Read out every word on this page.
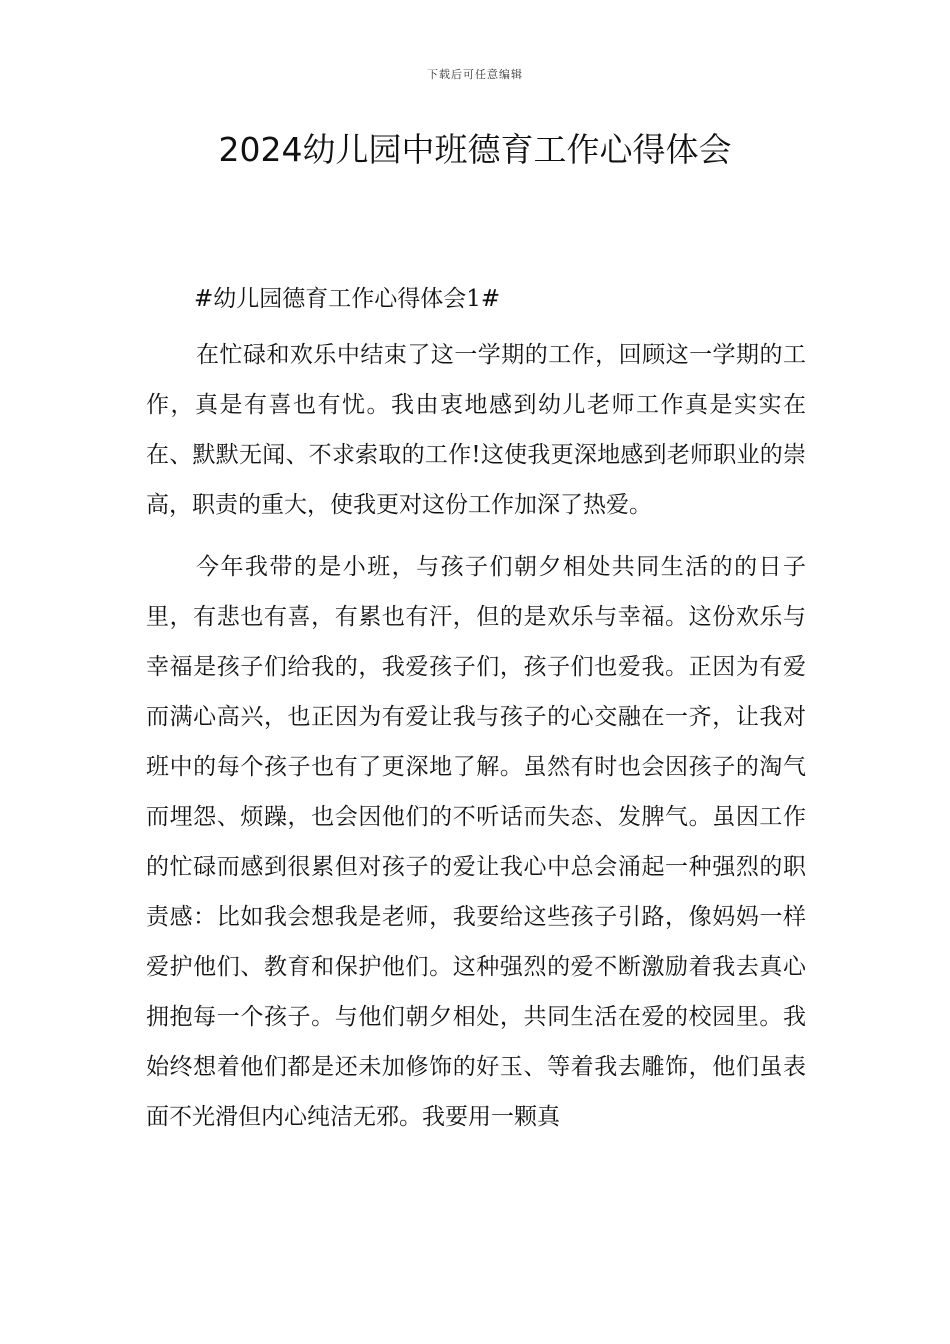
下载后可任意编辑
2024幼儿园中班德育工作心得体会

#幼儿园德育工作心得体会1#

在忙碌和欢乐中结束了这一学期的工作，回顾这一学期的工作，真是有喜也有忧。我由衷地感到幼儿老师工作真是实实在在、默默无闻、不求索取的工作!这使我更深地感到老师职业的崇高，职责的重大，使我更对这份工作加深了热爱。

今年我带的是小班，与孩子们朝夕相处共同生活的的日子里，有悲也有喜，有累也有汗，但的是欢乐与幸福。这份欢乐与幸福是孩子们给我的，我爱孩子们，孩子们也爱我。正因为有爱而满心高兴，也正因为有爱让我与孩子的心交融在一齐，让我对班中的每个孩子也有了更深地了解。虽然有时也会因孩子的淘气而埋怨、烦躁，也会因他们的不听话而失态、发脾气。虽因工作的忙碌而感到很累但对孩子的爱让我心中总会涌起一种强烈的职责感：比如我会想我是老师，我要给这些孩子引路，像妈妈一样爱护他们、教育和保护他们。这种强烈的爱不断激励着我去真心拥抱每一个孩子。与他们朝夕相处，共同生活在爱的校园里。我始终想着他们都是还未加修饰的好玉、等着我去雕饰，他们虽表面不光滑但内心纯洁无邪。我要用一颗真
